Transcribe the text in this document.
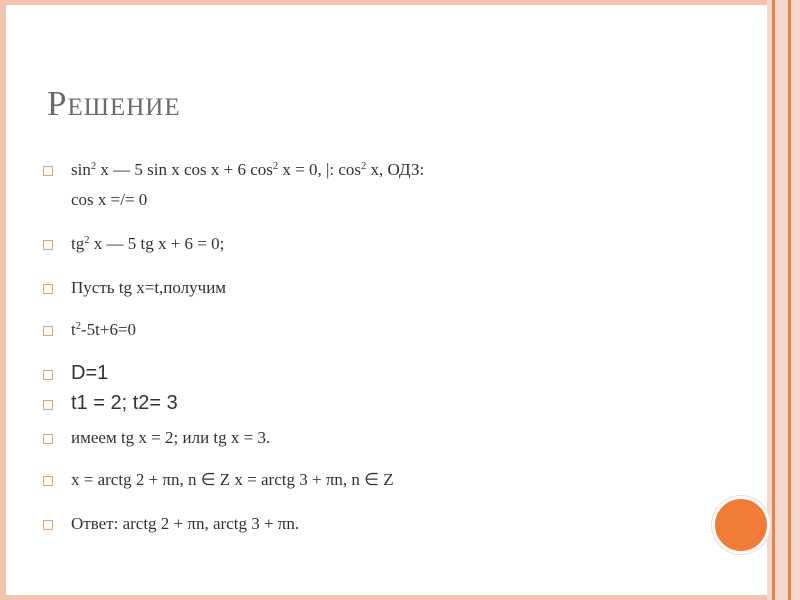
Решение
$\sin^2 x$ — 5 sin x cos x + 6 $\cos^2 x = 0$, |: $\cos^2 x$, ОДЗ:
cos x =/= 0
$tg^2$ x — 5 tg x + 6 = 0;
Пусть tg x=t,получим
$t^2-5t+6=0$
D=1
t1 = 2; t2= 3
имеем tg x = 2; или tg x = 3.
x = arctg 2 + πn, n ∈ Z x = arctg 3 + πn, n ∈ Z
Ответ: arctg 2 + πn, arctg 3 + πn.
